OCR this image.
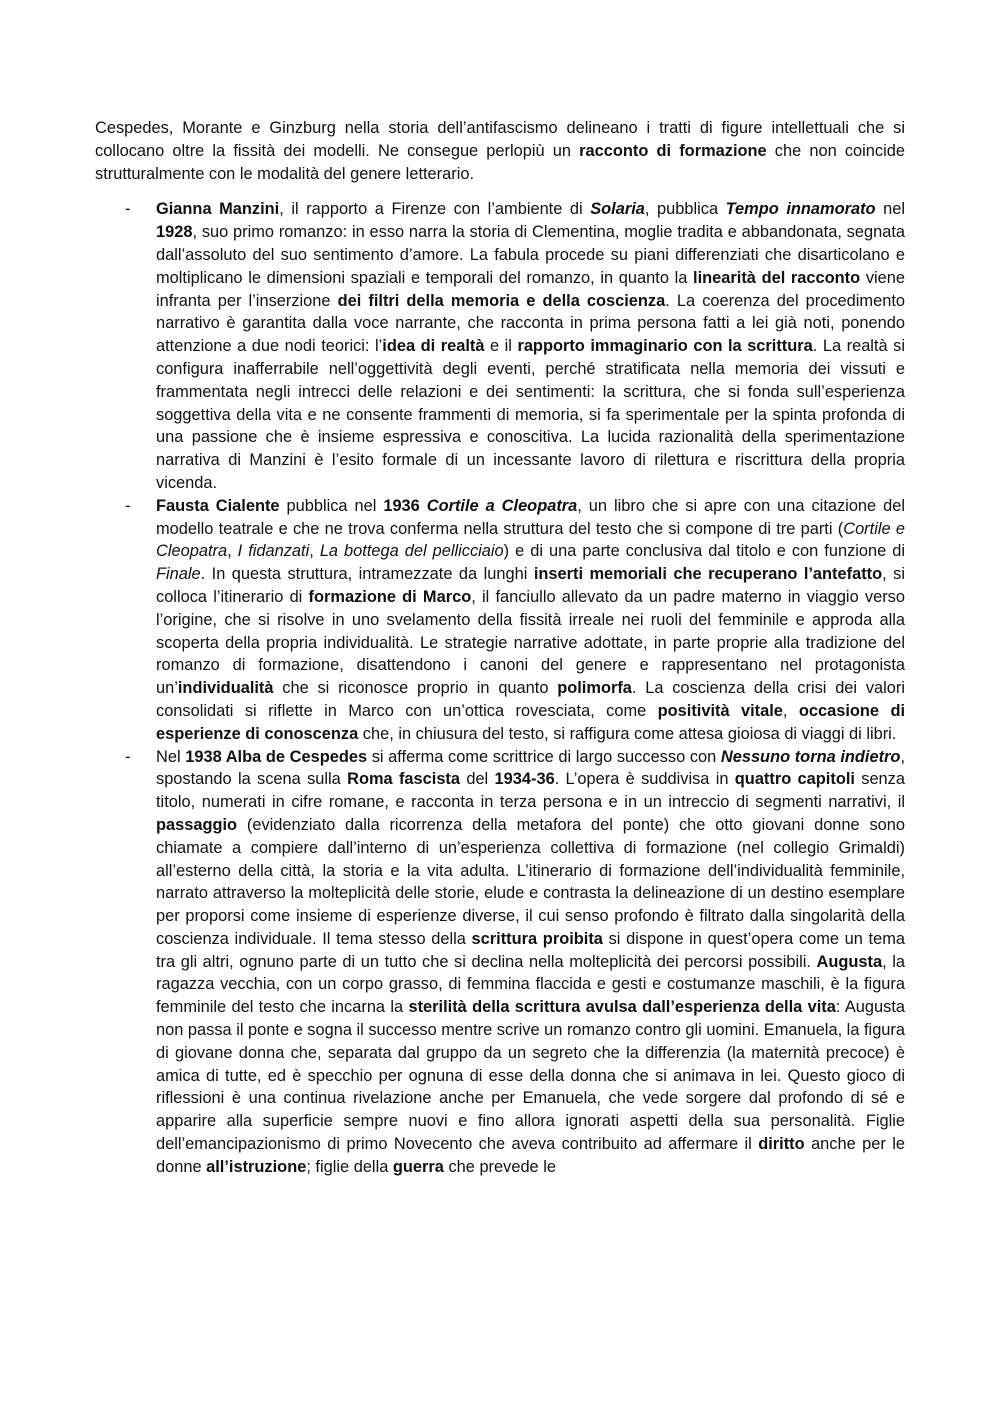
Cespedes, Morante e Ginzburg nella storia dell’antifascismo delineano i tratti di figure intellettuali che si collocano oltre la fissità dei modelli. Ne consegue perlopiù un racconto di formazione che non coincide strutturalmente con le modalità del genere letterario.

- Gianna Manzini, il rapporto a Firenze con l’ambiente di Solaria, pubblica Tempo innamorato nel 1928, suo primo romanzo: in esso narra la storia di Clementina, moglie tradita e abbandonata, segnata dall’assoluto del suo sentimento d’amore. La fabula procede su piani differenziati che disarticolano e moltiplicano le dimensioni spaziali e temporali del romanzo, in quanto la linearità del racconto viene infranta per l’inserzione dei filtri della memoria e della coscienza. La coerenza del procedimento narrativo è garantita dalla voce narrante, che racconta in prima persona fatti a lei già noti, ponendo attenzione a due nodi teorici: l’idea di realtà e il rapporto immaginario con la scrittura. La realtà si configura inafferrabile nell’oggettività degli eventi, perché stratificata nella memoria dei vissuti e frammentata negli intrecci delle relazioni e dei sentimenti: la scrittura, che si fonda sull’esperienza soggettiva della vita e ne consente frammenti di memoria, si fa sperimentale per la spinta profonda di una passione che è insieme espressiva e conoscitiva. La lucida razionalità della sperimentazione narrativa di Manzini è l’esito formale di un incessante lavoro di rilettura e riscrittura della propria vicenda.
- Fausta Cialente pubblica nel 1936 Cortile a Cleopatra, un libro che si apre con una citazione del modello teatrale e che ne trova conferma nella struttura del testo che si compone di tre parti (Cortile e Cleopatra, I fidanzati, La bottega del pellicciaio) e di una parte conclusiva dal titolo e con funzione di Finale. In questa struttura, intramezzate da lunghi inserti memoriali che recuperano l’antefatto, si colloca l’itinerario di formazione di Marco, il fanciullo allevato da un padre materno in viaggio verso l’origine, che si risolve in uno svelamento della fissità irreale nei ruoli del femminile e approda alla scoperta della propria individualità. Le strategie narrative adottate, in parte proprie alla tradizione del romanzo di formazione, disattendono i canoni del genere e rappresentano nel protagonista un’individualità che si riconosce proprio in quanto polimorfa. La coscienza della crisi dei valori consolidati si riflette in Marco con un’ottica rovesciata, come positività vitale, occasione di esperienze di conoscenza che, in chiusura del testo, si raffigura come attesa gioiosa di viaggi di libri.
- Nel 1938 Alba de Cespedes si afferma come scrittrice di largo successo con Nessuno torna indietro, spostando la scena sulla Roma fascista del 1934-36. L’opera è suddivisa in quattro capitoli senza titolo, numerati in cifre romane, e racconta in terza persona e in un intreccio di segmenti narrativi, il passaggio (evidenziato dalla ricorrenza della metafora del ponte) che otto giovani donne sono chiamate a compiere dall’interno di un’esperienza collettiva di formazione (nel collegio Grimaldi) all’esterno della città, la storia e la vita adulta. L’itinerario di formazione dell’individualità femminile, narrato attraverso la molteplicità delle storie, elude e contrasta la delineazione di un destino esemplare per proporsi come insieme di esperienze diverse, il cui senso profondo è filtrato dalla singolarità della coscienza individuale. Il tema stesso della scrittura proibita si dispone in quest’opera come un tema tra gli altri, ognuno parte di un tutto che si declina nella molteplicità dei percorsi possibili. Augusta, la ragazza vecchia, con un corpo grasso, di femmina flaccida e gesti e costumanze maschili, è la figura femminile del testo che incarna la sterilità della scrittura avulsa dall’esperienza della vita: Augusta non passa il ponte e sogna il successo mentre scrive un romanzo contro gli uomini. Emanuela, la figura di giovane donna che, separata dal gruppo da un segreto che la differenzia (la maternità precoce) è amica di tutte, ed è specchio per ognuna di esse della donna che si animava in lei. Questo gioco di riflessioni è una continua rivelazione anche per Emanuela, che vede sorgere dal profondo di sé e apparire alla superficie sempre nuovi e fino allora ignorati aspetti della sua personalità. Figlie dell’emancipazionismo di primo Novecento che aveva contribuito ad affermare il diritto anche per le donne all’istruzione; figlie della guerra che prevede le
